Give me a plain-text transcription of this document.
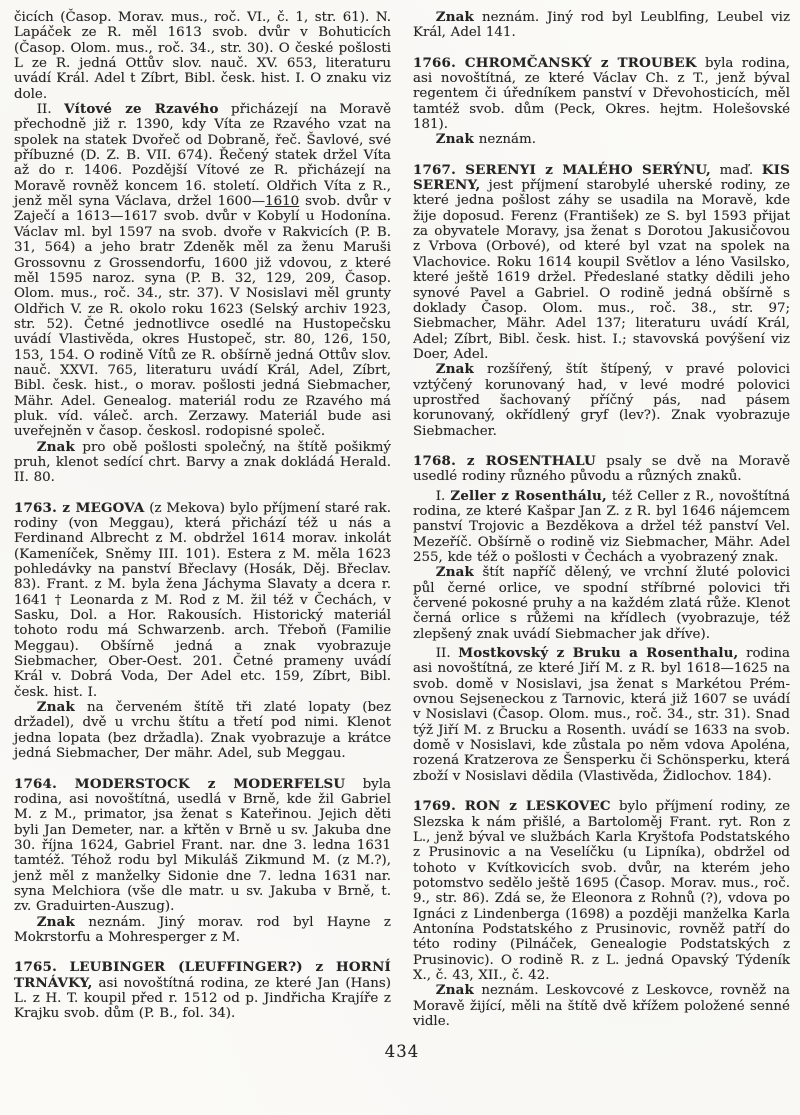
čicích (Časop. Morav. mus., roč. VI., č. 1, str. 61). N. Lapáček ze R. měl 1613 svob. dvůr v Bohuticích (Časop. Olom. mus., roč. 34., str. 30). O české pošlosti L ze R. jedná Ottův slov. nauč. XV. 653, literaturu uvádí Král. Adel t Zíbrt, Bibl. česk. hist. I. O znaku viz dole.

II. Vítové ze Rzavého přicházejí na Moravě přechodně již r. 1390, kdy Víta ze Rzavého vzat na spolek na statek Dvořeč od Dobraně, řeč. Šavlové, své příbuzné (D. Z. B. VII. 674). Řečený statek držel Víta až do r. 1406. Pozdější Vítové ze R. přicházejí na Moravě rovněž koncem 16. století. Oldřich Víta z R., jenž měl syna Václava, držel 1600—1610 svob. dvůr v Zaječí a 1613—1617 svob. dvůr v Kobylí u Hodonína. Václav ml. byl 1597 na svob. dvoře v Rakvicích (P. B. 31, 564) a jeho bratr Zdeněk měl za ženu Maruši Grossovnu z Grossendorfu, 1600 již vdovou, z které měl 1595 naroz. syna (P. B. 32, 129, 209, Časop. Olom. mus., roč. 34., str. 37). V Nosislavi měl grunty Oldřich V. ze R. okolo roku 1623 (Selský archiv 1923, str. 52). Četné jednotlivce osedlé na Hustopečsku uvádí Vlastivěda, okres Hustopeč, str. 80, 126, 150, 153, 154. O rodině Vítů ze R. obšírně jedná Ottův slov. nauč. XXVI. 765, literaturu uvádí Král, Adel, Zíbrt, Bibl. česk. hist., o morav. pošlosti jedná Siebmacher, Mähr. Adel. Genealog. materiál rodu ze Rzavého má pluk. víd. váleč. arch. Zerzawy. Materiál bude asi uveřejněn v časop. českosl. rodopisné společ.

Znak pro obě pošlosti společný, na štítě pošikmý pruh, klenot sedící chrt. Barvy a znak dokládá Herald. II. 80.

1763. z MEGOVA (z Mekova) bylo příjmení staré rak. rodiny (von Meggau), která přichází též u nás a Ferdinand Albrecht z M. obdržel 1614 morav. inkolát (Kameníček, Sněmy III. 101). Estera z M. měla 1623 pohledávky na panství Břeclavy (Hosák, Děj. Břeclav. 83). Frant. z M. byla žena Jáchyma Slavaty a dcera r. 1641 † Leonarda z M. Rod z M. žil též v Čechách, v Sasku, Dol. a Hor. Rakousích. Historický materiál tohoto rodu má Schwarzenb. arch. Třeboň (Familie Meggau). Obšírně jedná a znak vyobrazuje Siebmacher, Ober-Oest. 201. Četné prameny uvádí Král v. Dobrá Voda, Der Adel etc. 159, Zíbrt, Bibl. česk. hist. I.

Znak na červeném štítě tři zlaté lopaty (bez držadel), dvě u vrchu štítu a třetí pod nimi. Klenot jedna lopata (bez držadla). Znak vyobrazuje a krátce jedná Siebmacher, Der mähr. Adel, sub Meggau.

1764. MODERSTOCK z MODERFELSU byla rodina, asi novoštítná, usedlá v Brně, kde žil Gabriel M. z M., primator, jsa ženat s Kateřinou. Jejich děti byli Jan Demeter, nar. a křtěn v Brně u sv. Jakuba dne 30. října 1624, Gabriel Frant. nar. dne 3. ledna 1631 tamtéž. Téhož rodu byl Mikuláš Zikmund M. (z M.?), jenž měl z manželky Sidonie dne 7. ledna 1631 nar. syna Melchiora (vše dle matr. u sv. Jakuba v Brně, t. zv. Graduirten-Auszug).

Znak neznám. Jiný morav. rod byl Hayne z Mokrstorfu a Mohresperger z M.

1765. LEUBINGER (LEUFFINGER?) z HORNÍ TRNÁVKY, asi novoštítná rodina, ze které Jan (Hans) L. z H. T. koupil před r. 1512 od p. Jindřicha Krajíře z Krajku svob. dům (P. B., fol. 34).

Znak neznám. Jiný rod byl Leublfing, Leubel viz Král, Adel 141.

1766. CHROMČANSKÝ z TROUBEK byla rodina, asi novoštítná, ze které Václav Ch. z T., jenž býval regentem či úředníkem panství v Dřevohosticích, měl tamtéž svob. dům (Peck, Okres. hejtm. Holešovské 181).

Znak neznám.

1767. SERENYI z MALÉHO SERÝNU, maď. KIS SERENY, jest příjmení starobylé uherské rodiny, ze které jedna pošlost záhy se usadila na Moravě, kde žije doposud. Ferenz (František) ze S. byl 1593 přijat za obyvatele Moravy, jsa ženat s Dorotou Jakusičovou z Vrbova (Orbové), od které byl vzat na spolek na Vlachovice. Roku 1614 koupil Světlov a léno Vasilsko, které ještě 1619 držel. Předeslané statky dědili jeho synové Pavel a Gabriel. O rodině jedná obšírně s doklady Časop. Olom. mus., roč. 38., str. 97; Siebmacher, Mähr. Adel 137; literaturu uvádí Král, Adel; Zíbrt, Bibl. česk. hist. I.; stavovská povýšení viz Doer, Adel.

Znak rozšířený, štít štípený, v pravé polovici vztýčený korunovaný had, v levé modré polovici uprostřed šachovaný příčný pás, nad pásem korunovaný, okřídlený gryf (lev?). Znak vyobrazuje Siebmacher.

1768. z ROSENTHALU psaly se dvě na Moravě usedlé rodiny různého původu a různých znaků.

I. Zeller z Rosenthálu, též Celler z R., novoštítná rodina, ze které Kašpar Jan Z. z R. byl 1646 nájemcem panství Trojovic a Bezděkova a držel též panství Vel. Mezeříč. Obšírně o rodině viz Siebmacher, Mähr. Adel 255, kde též o pošlosti v Čechách a vyobrazený znak.

Znak štít napříč dělený, ve vrchní žluté polovici půl černé orlice, ve spodní stříbrné polovici tři červené pokosné pruhy a na každém zlatá růže. Klenot černá orlice s růžemi na křídlech (vyobrazuje, též zlepšený znak uvádí Siebmacher jak dříve).

II. Mostkovský z Bruku a Rosenthalu, rodina asi novoštítná, ze které Jiří M. z R. byl 1618—1625 na svob. domě v Nosislavi, jsa ženat s Markétou Prém-ovnou Sejseneckou z Tarnovic, která již 1607 se uvádí v Nosislavi (Časop. Olom. mus., roč. 34., str. 31). Snad týž Jiří M. z Brucku a Rosenth. uvádí se 1633 na svob. domě v Nosislavi, kde zůstala po něm vdova Apoléna, rozená Kratzerova ze Šensperku či Schönsperku, která zboží v Nosislavi dědila (Vlastivěda, Židlochov. 184).

1769. RON z LESKOVEC bylo příjmení rodiny, ze Slezska k nám přišlé, a Bartoloměj Frant. ryt. Ron z L., jenž býval ve službách Karla Kryštofa Podstatského z Prusinovic a na Veselíčku (u Lipníka), obdržel od tohoto v Kvítkovicích svob. dvůr, na kterém jeho potomstvo sedělo ještě 1695 (Časop. Morav. mus., roč. 9., str. 86). Zdá se, že Eleonora z Rohnů (?), vdova po Ignáci z Lindenberga (1698) a později manželka Karla Antonína Podstatského z Prusinovic, rovněž patří do této rodiny (Pilnáček, Genealogie Podstatských z Prusinovic). O rodině R. z L. jedná Opavský Týdeník X., č. 43, XII., č. 42.

Znak neznám. Leskovcové z Leskovce, rovněž na Moravě žijící, měli na štítě dvě křížem položené senné vidle.

434
